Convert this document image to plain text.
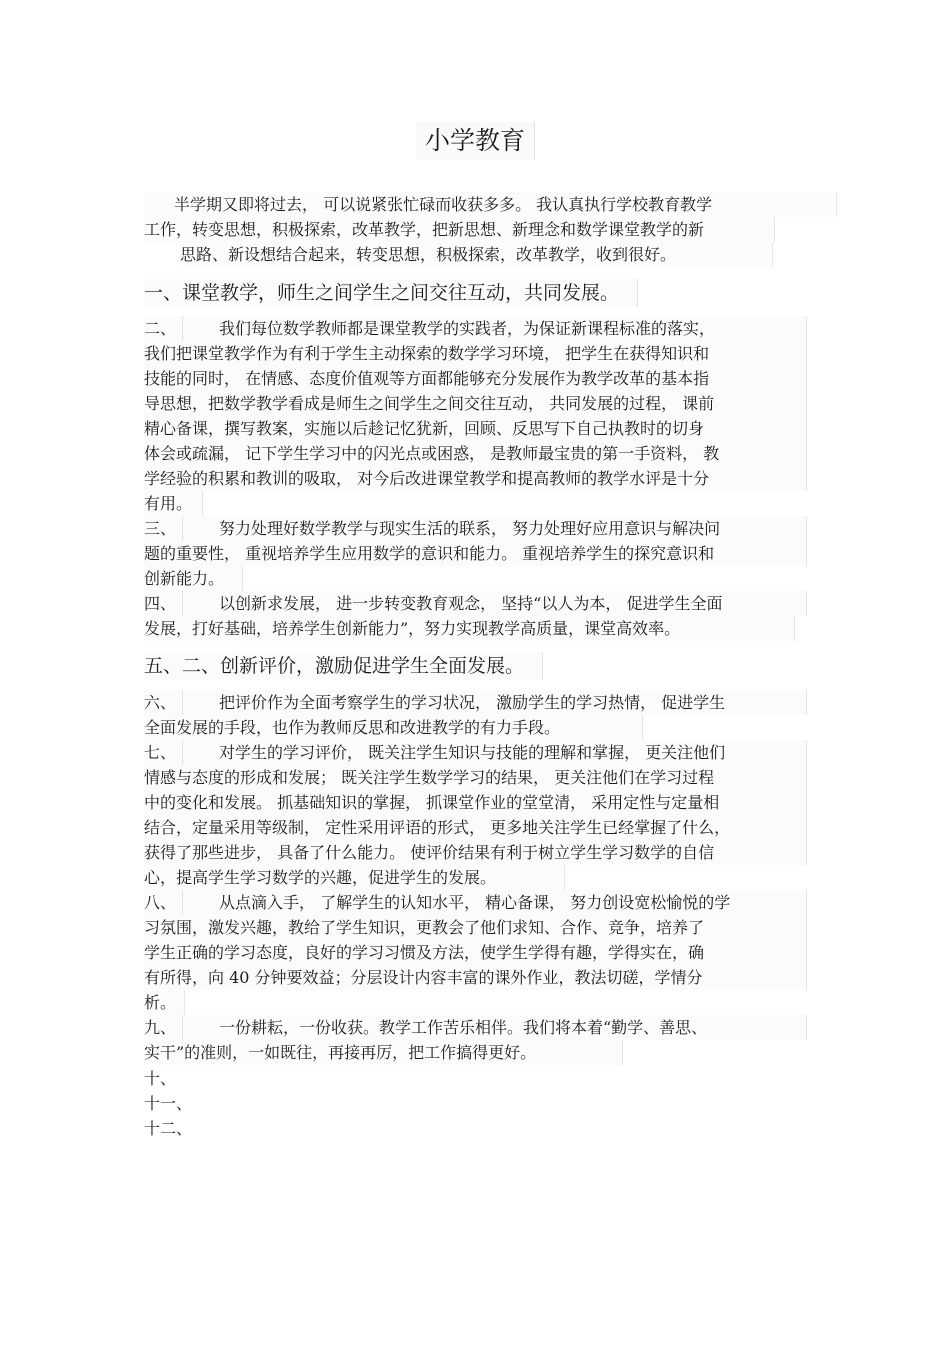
小学教育
半学期又即将过去， 可以说紧张忙碌而收获多多。 我认真执行学校教育教学
工作，转变思想，积极探索，改革教学，把新思想、新理念和数学课堂教学的新
思路、新设想结合起来，转变思想，积极探索，改革教学，收到很好。
一、课堂教学，师生之间学生之间交往互动，共同发展。
二、	我们每位数学教师都是课堂教学的实践者，为保证新课程标准的落实，
我们把课堂教学作为有利于学生主动探索的数学学习环境， 把学生在获得知识和
技能的同时， 在情感、态度价值观等方面都能够充分发展作为教学改革的基本指
导思想，把数学教学看成是师生之间学生之间交往互动， 共同发展的过程， 课前
精心备课，撰写教案，实施以后趁记忆犹新，回顾、反思写下自己执教时的切身
体会或疏漏， 记下学生学习中的闪光点或困惑， 是教师最宝贵的第一手资料， 教
学经验的积累和教训的吸取， 对今后改进课堂教学和提高教师的教学水评是十分
有用。
三、	努力处理好数学教学与现实生活的联系， 努力处理好应用意识与解决问
题的重要性， 重视培养学生应用数学的意识和能力。 重视培养学生的探究意识和
创新能力。
四、	以创新求发展， 进一步转变教育观念， 坚持“以人为本， 促进学生全面
发展，打好基础，培养学生创新能力”，努力实现教学高质量，课堂高效率。
五、二、创新评价，激励促进学生全面发展。
六、	把评价作为全面考察学生的学习状况， 激励学生的学习热情， 促进学生
全面发展的手段，也作为教师反思和改进教学的有力手段。
七、	对学生的学习评价， 既关注学生知识与技能的理解和掌握， 更关注他们
情感与态度的形成和发展； 既关注学生数学学习的结果， 更关注他们在学习过程
中的变化和发展。 抓基础知识的掌握， 抓课堂作业的堂堂清， 采用定性与定量相
结合，定量采用等级制， 定性采用评语的形式， 更多地关注学生已经掌握了什么，
获得了那些进步， 具备了什么能力。 使评价结果有利于树立学生学习数学的自信
心，提高学生学习数学的兴趣，促进学生的发展。
八、	从点滴入手， 了解学生的认知水平， 精心备课， 努力创设宽松愉悦的学
习氛围，激发兴趣，教给了学生知识，更教会了他们求知、合作、竞争，培养了
学生正确的学习态度，良好的学习习惯及方法，使学生学得有趣，学得实在，确
有所得，向 40 分钟要效益；分层设计内容丰富的课外作业，教法切磋，学情分
析。
九、	一份耕耘，一份收获。教学工作苦乐相伴。我们将本着“勤学、善思、
实干”的准则，一如既往，再接再厉，把工作搞得更好。
十、
十一、
十二、
